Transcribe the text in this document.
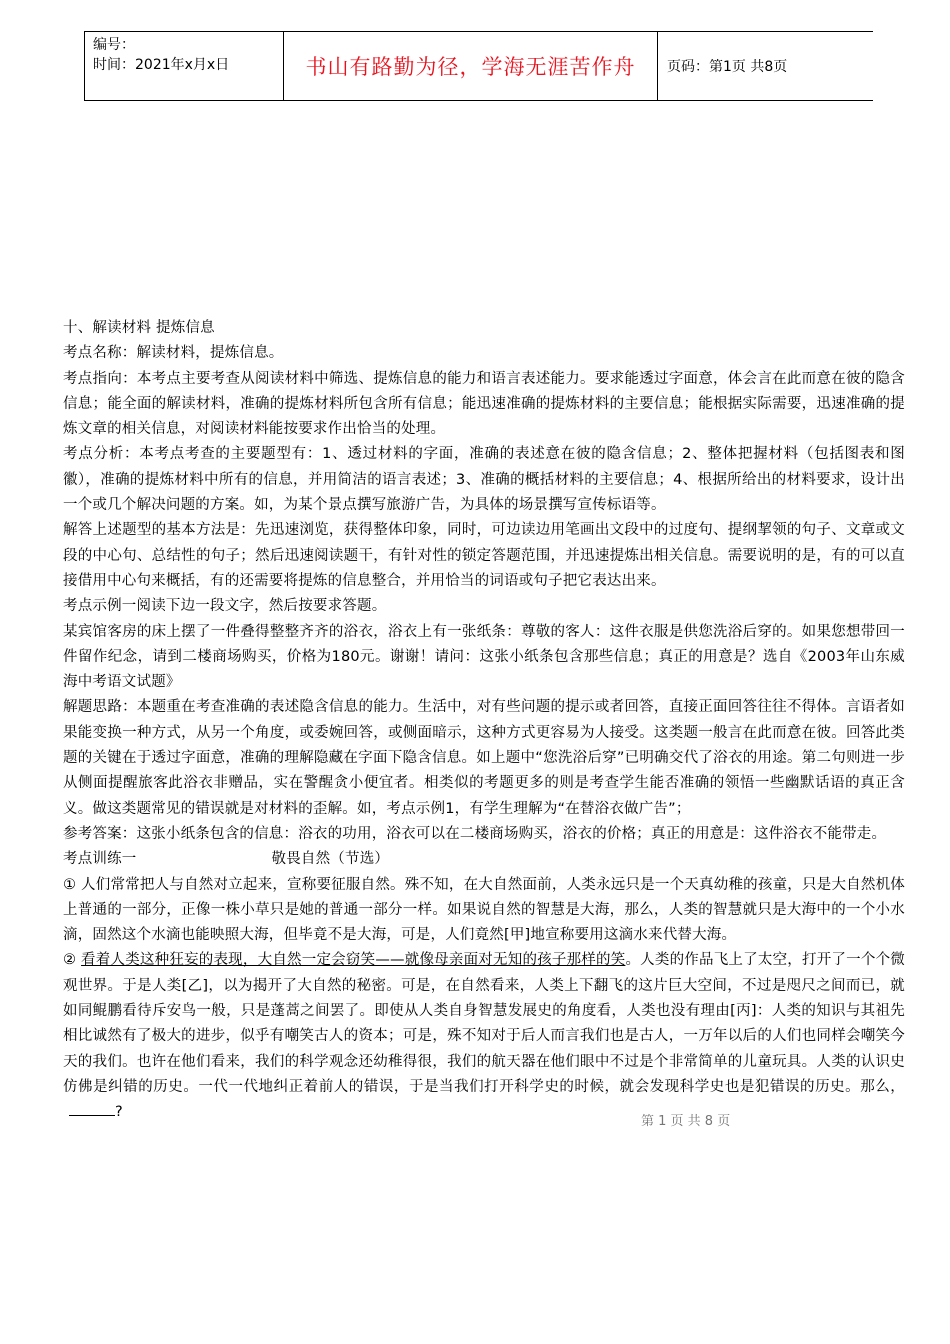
编号：
时间：2021年x月x日	书山有路勤为径，学海无涯苦作舟	页码：第1页 共8页

十、解读材料 提炼信息

考点名称：解读材料，提炼信息。

考点指向：本考点主要考查从阅读材料中筛选、提炼信息的能力和语言表述能力。要求能透过字面意，体会言在此而意在彼的隐含信息；能全面的解读材料，准确的提炼材料所包含所有信息；能迅速准确的提炼材料的主要信息；能根据实际需要，迅速准确的提炼文章的相关信息，对阅读材料能按要求作出恰当的处理。

考点分析：本考点考查的主要题型有：1、透过材料的字面，准确的表述意在彼的隐含信息；2、整体把握材料（包括图表和图徽），准确的提炼材料中所有的信息，并用简洁的语言表述；3、准确的概括材料的主要信息；4、根据所给出的材料要求，设计出一个或几个解决问题的方案。如，为某个景点撰写旅游广告，为具体的场景撰写宣传标语等。

解答上述题型的基本方法是：先迅速浏览，获得整体印象，同时，可边读边用笔画出文段中的过度句、提纲挈领的句子、文章或文段的中心句、总结性的句子；然后迅速阅读题干，有针对性的锁定答题范围，并迅速提炼出相关信息。需要说明的是，有的可以直接借用中心句来概括，有的还需要将提炼的信息整合，并用恰当的词语或句子把它表达出来。

考点示例一阅读下边一段文字，然后按要求答题。

某宾馆客房的床上摆了一件叠得整整齐齐的浴衣，浴衣上有一张纸条：尊敬的客人：这件衣服是供您洗浴后穿的。如果您想带回一件留作纪念，请到二楼商场购买，价格为180元。谢谢！请问：这张小纸条包含那些信息；真正的用意是？选自《2003年山东威海中考语文试题》

解题思路：本题重在考查准确的表述隐含信息的能力。生活中，对有些问题的提示或者回答，直接正面回答往往不得体。言语者如果能变换一种方式，从另一个角度，或委婉回答，或侧面暗示，这种方式更容易为人接受。这类题一般言在此而意在彼。回答此类题的关键在于透过字面意，准确的理解隐藏在字面下隐含信息。如上题中“您洗浴后穿”已明确交代了浴衣的用途。第二句则进一步从侧面提醒旅客此浴衣非赠品，实在警醒贪小便宜者。相类似的考题更多的则是考查学生能否准确的领悟一些幽默话语的真正含义。做这类题常见的错误就是对材料的歪解。如，考点示例1，有学生理解为“在替浴衣做广告”；

参考答案：这张小纸条包含的信息：浴衣的功用，浴衣可以在二楼商场购买，浴衣的价格；真正的用意是：这件浴衣不能带走。

考点训练一	敬畏自然（节选）

① 人们常常把人与自然对立起来，宣称要征服自然。殊不知，在大自然面前，人类永远只是一个天真幼稚的孩童，只是大自然机体上普通的一部分，正像一株小草只是她的普通一部分一样。如果说自然的智慧是大海，那么，人类的智慧就只是大海中的一个小水滴，固然这个水滴也能映照大海，但毕竟不是大海，可是，人们竟然[甲]地宣称要用这滴水来代替大海。

② 看着人类这种狂妄的表现，大自然一定会窃笑——就像母亲面对无知的孩子那样的笑。人类的作品飞上了太空，打开了一个个微观世界。于是人类[乙]，以为揭开了大自然的秘密。可是，在自然看来，人类上下翻飞的这片巨大空间，不过是咫尺之间而已，就如同鲲鹏看待斥安鸟一般，只是蓬蒿之间罢了。即使从人类自身智慧发展史的角度看，人类也没有理由[丙]：人类的知识与其祖先相比诚然有了极大的进步，似乎有嘲笑古人的资本；可是，殊不知对于后人而言我们也是古人，一万年以后的人们也同样会嘲笑今天的我们。也许在他们看来，我们的科学观念还幼稚得很，我们的航天器在他们眼中不过是个非常简单的儿童玩具。人类的认识史仿佛是纠错的历史。一代一代地纠正着前人的错误，于是当我们打开科学史的时候，就会发现科学史也是犯错误的历史。那么，?

第 1 页 共 8 页
